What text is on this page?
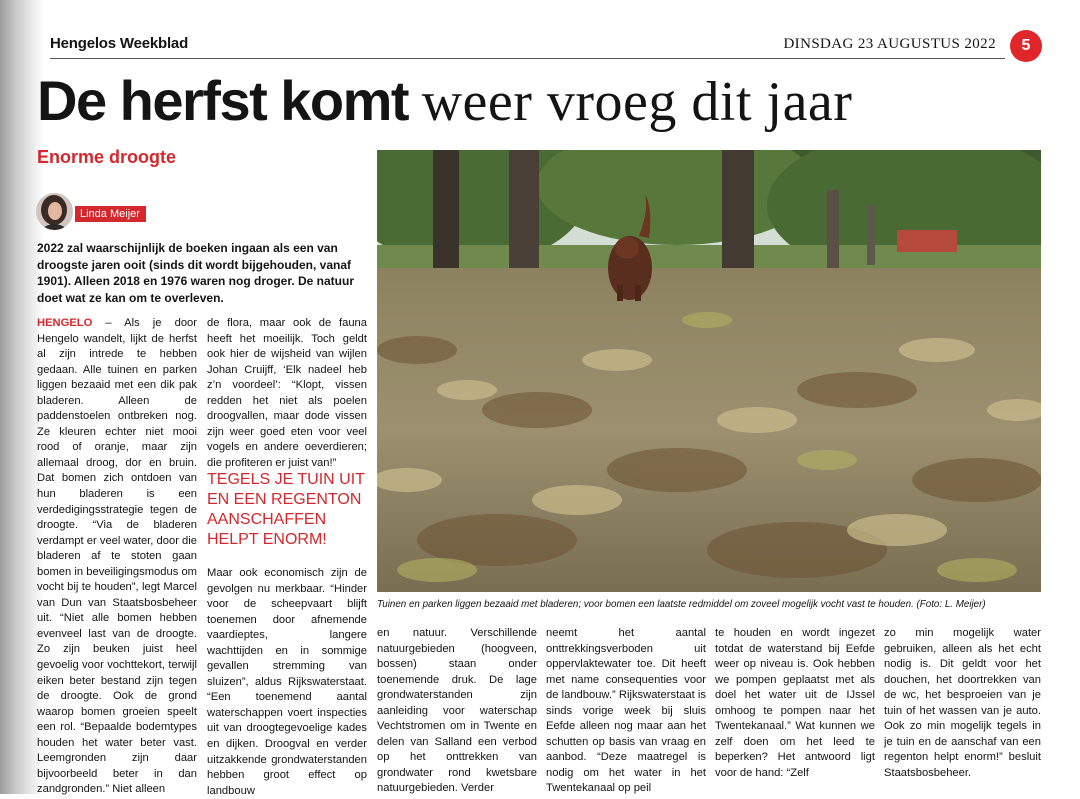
Hengelos Weekblad	DINSDAG 23 AUGUSTUS 2022	5
De herfst komt weer vroeg dit jaar
Enorme droogte
Linda Meijer

2022 zal waarschijnlijk de boeken ingaan als een van droogste jaren ooit (sinds dit wordt bijgehouden, vanaf 1901). Alleen 2018 en 1976 waren nog droger. De natuur doet wat ze kan om te overleven.

HENGELO – Als je door Hengelo wandelt, lijkt de herfst al zijn intrede te hebben gedaan. Alle tuinen en parken liggen bezaaid met een dik pak bladeren. Alleen de paddenstoelen ontbreken nog. Ze kleuren echter niet mooi rood of oranje, maar zijn allemaal droog, dor en bruin. Dat bomen zich ontdoen van hun bladeren is een verdedigingsstrategie tegen de droogte. “Via de bladeren verdampt er veel water, door die bladeren af te stoten gaan bomen in beveiligingsmodus om vocht bij te houden”, legt Marcel van Dun van Staatsbosbeheer uit. “Niet alle bomen hebben evenveel last van de droogte. Zo zijn beuken juist heel gevoelig voor vochttekort, terwijl eiken beter bestand zijn tegen de droogte. Ook de grond waarop bomen groeien speelt een rol. “Bepaalde bodemtypes houden het water beter vast. Leemgronden zijn daar bijvoorbeeld beter in dan zandgronden.” Niet alleen

de flora, maar ook de fauna heeft het moeilijk. Toch geldt ook hier de wijsheid van wijlen Johan Cruijff, ‘Elk nadeel heb z’n voordeel’: “Klopt, vissen redden het niet als poelen droogvallen, maar dode vissen zijn weer goed eten voor veel vogels en andere oeverdieren; die profiteren er juist van!”

TEGELS JE TUIN UIT EN EEN REGENTON AANSCHAFFEN HELPT ENORM!

Maar ook economisch zijn de gevolgen nu merkbaar. “Hinder voor de scheepvaart blijft toenemen door afnemende vaardieptes, langere wachttijden en in sommige gevallen stremming van sluizen”, aldus Rijkswaterstaat. “Een toenemend aantal waterschappen voert inspecties uit van droogtegevoelige kades en dijken. Droogval en verder uitzakkende grondwaterstanden hebben groot effect op landbouw

Tuinen en parken liggen bezaaid met bladeren; voor bomen een laatste redmiddel om zoveel mogelijk vocht vast te houden. (Foto: L. Meijer)

en natuur. Verschillende natuurgebieden (hoogveen, bossen) staan onder toenemende druk. De lage grondwaterstanden zijn aanleiding voor waterschap Vechtstromen om in Twente en delen van Salland een verbod op het onttrekken van grondwater rond kwetsbare natuurgebieden. Verder

neemt het aantal onttrekkingsverboden uit oppervlaktewater toe. Dit heeft met name consequenties voor de landbouw.” Rijkswaterstaat is sinds vorige week bij sluis Eefde alleen nog maar aan het schutten op basis van vraag en aanbod. “Deze maatregel is nodig om het water in het Twentekanaal op peil

te houden en wordt ingezet totdat de waterstand bij Eefde weer op niveau is. Ook hebben we pompen geplaatst met als doel het water uit de IJssel omhoog te pompen naar het Twentekanaal.” Wat kunnen we zelf doen om het leed te beperken? Het antwoord ligt voor de hand: “Zelf

zo min mogelijk water gebruiken, alleen als het echt nodig is. Dit geldt voor het douchen, het doortrekken van de wc, het besproeien van je tuin of het wassen van je auto. Ook zo min mogelijk tegels in je tuin en de aanschaf van een regenton helpt enorm!” besluit Staatsbosbeheer.
